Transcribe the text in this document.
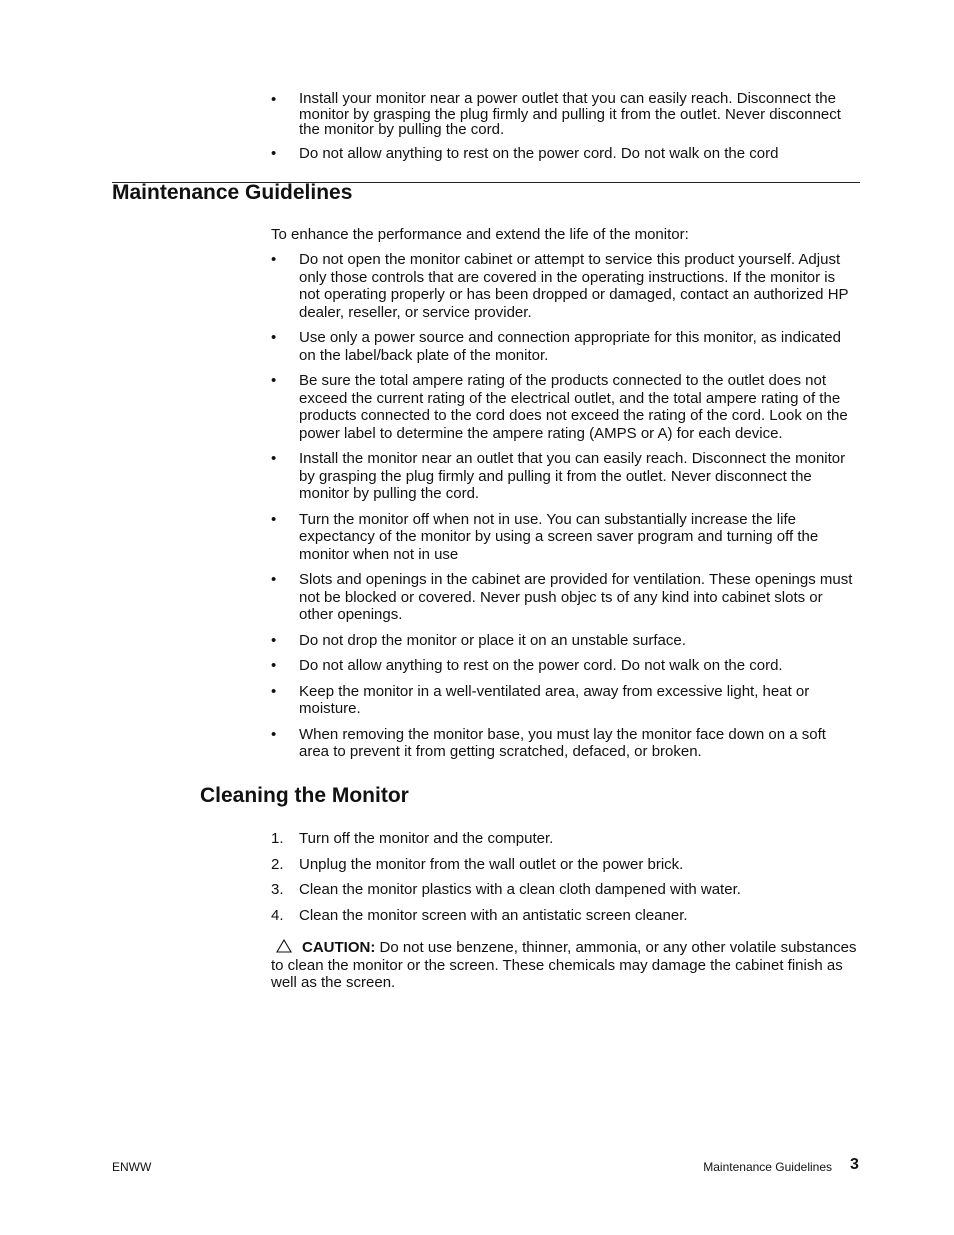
•	Install your monitor near a power outlet that you can easily reach. Disconnect the monitor by grasping the plug firmly and pulling it from the outlet. Never disconnect the monitor by pulling the cord.
•	Do not allow anything to rest on the power cord. Do not walk on the cord
Maintenance Guidelines

To enhance the performance and extend the life of the monitor:

•	Do not open the monitor cabinet or attempt to service this product yourself. Adjust only those controls that are covered in the operating instructions. If the monitor is not operating properly or has been dropped or damaged, contact an authorized HP dealer, reseller, or service provider.
•	Use only a power source and connection appropriate for this monitor, as indicated on the label/back plate of the monitor.
•	Be sure the total ampere rating of the products connected to the outlet does not exceed the current rating of the electrical outlet, and the total ampere rating of the products connected to the cord does not exceed the rating of the cord. Look on the power label to determine the ampere rating (AMPS or A) for each device.
•	Install the monitor near an outlet that you can easily reach. Disconnect the monitor by grasping the plug firmly and pulling it from the outlet. Never disconnect the monitor by pulling the cord.
•	Turn the monitor off when not in use. You can substantially increase the life expectancy of the monitor by using a screen saver program and turning off the monitor when not in use
•	Slots and openings in the cabinet are provided for ventilation. These openings must not be blocked or covered. Never push objec ts of any kind into cabinet slots or other openings.
•	Do not drop the monitor or place it on an unstable surface.
•	Do not allow anything to rest on the power cord. Do not walk on the cord.
•	Keep the monitor in a well-ventilated area, away from excessive light, heat or moisture.
•	When removing the monitor base, you must lay the monitor face down on a soft area to prevent it from getting scratched, defaced, or broken.
Cleaning the Monitor
1.	Turn off the monitor and the computer.
2.	Unplug the monitor from the wall outlet or the power brick.
3.	Clean the monitor plastics with a clean cloth dampened with water.
4.	Clean the monitor screen with an antistatic screen cleaner.

CAUTION: Do not use benzene, thinner, ammonia, or any other volatile substances to clean the monitor or the screen. These chemicals may damage the cabinet finish as well as the screen.

ENWW	Maintenance Guidelines 3
